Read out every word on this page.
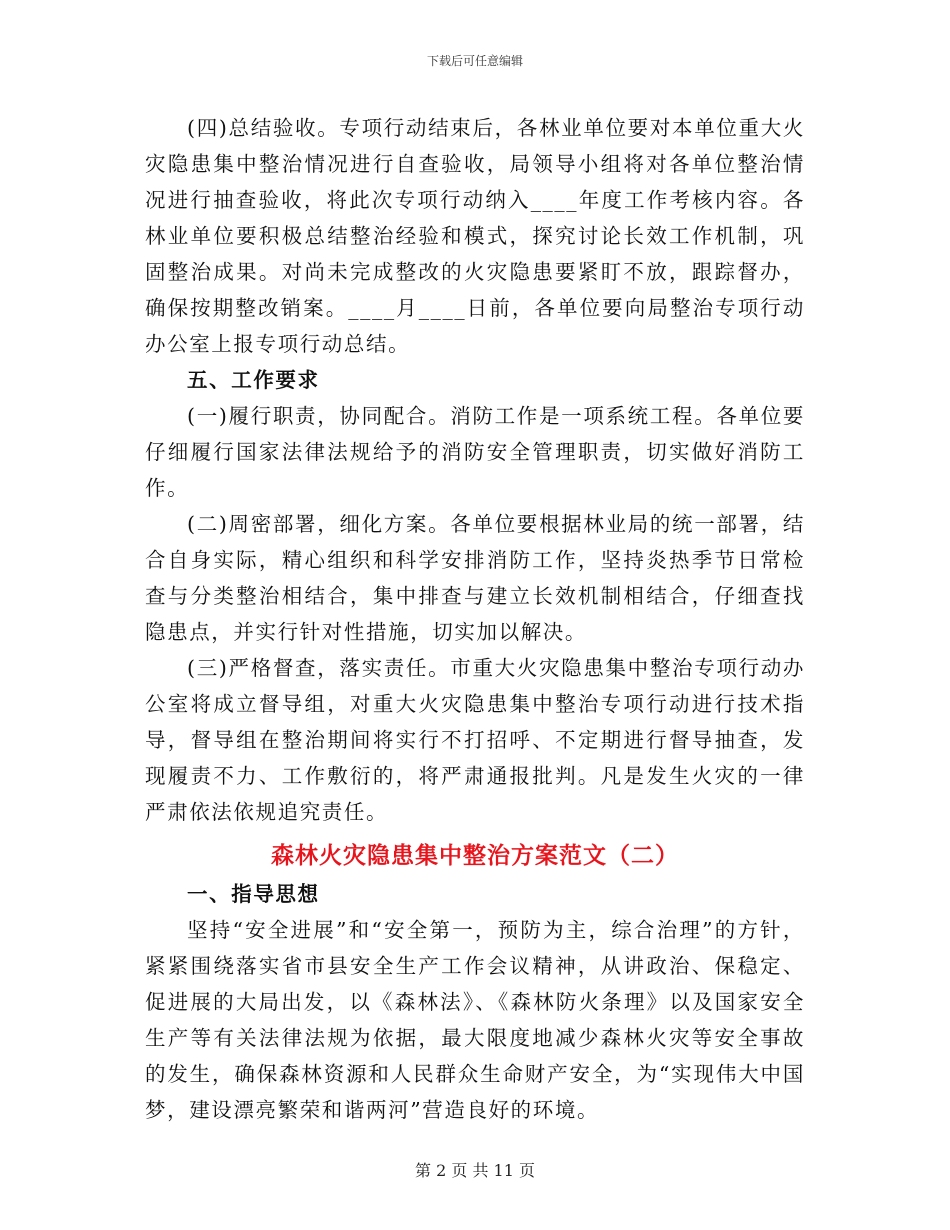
下载后可任意编辑

(四)总结验收。专项行动结束后，各林业单位要对本单位重大火灾隐患集中整治情况进行自查验收，局领导小组将对各单位整治情况进行抽查验收，将此次专项行动纳入____年度工作考核内容。各林业单位要积极总结整治经验和模式，探究讨论长效工作机制，巩固整治成果。对尚未完成整改的火灾隐患要紧盯不放，跟踪督办，确保按期整改销案。____月____日前，各单位要向局整治专项行动办公室上报专项行动总结。

五、工作要求

(一)履行职责，协同配合。消防工作是一项系统工程。各单位要仔细履行国家法律法规给予的消防安全管理职责，切实做好消防工作。

(二)周密部署，细化方案。各单位要根据林业局的统一部署，结合自身实际，精心组织和科学安排消防工作，坚持炎热季节日常检查与分类整治相结合，集中排查与建立长效机制相结合，仔细查找隐患点，并实行针对性措施，切实加以解决。

(三)严格督查，落实责任。市重大火灾隐患集中整治专项行动办公室将成立督导组，对重大火灾隐患集中整治专项行动进行技术指导，督导组在整治期间将实行不打招呼、不定期进行督导抽查，发现履责不力、工作敷衍的，将严肃通报批判。凡是发生火灾的一律严肃依法依规追究责任。

森林火灾隐患集中整治方案范文（二）

一、指导思想

坚持“安全进展”和“安全第一，预防为主，综合治理”的方针，紧紧围绕落实省市县安全生产工作会议精神，从讲政治、保稳定、促进展的大局出发，以《森林法》、《森林防火条理》以及国家安全生产等有关法律法规为依据，最大限度地减少森林火灾等安全事故的发生，确保森林资源和人民群众生命财产安全，为“实现伟大中国梦，建设漂亮繁荣和谐两河”营造良好的环境。

第 2 页 共 11 页
